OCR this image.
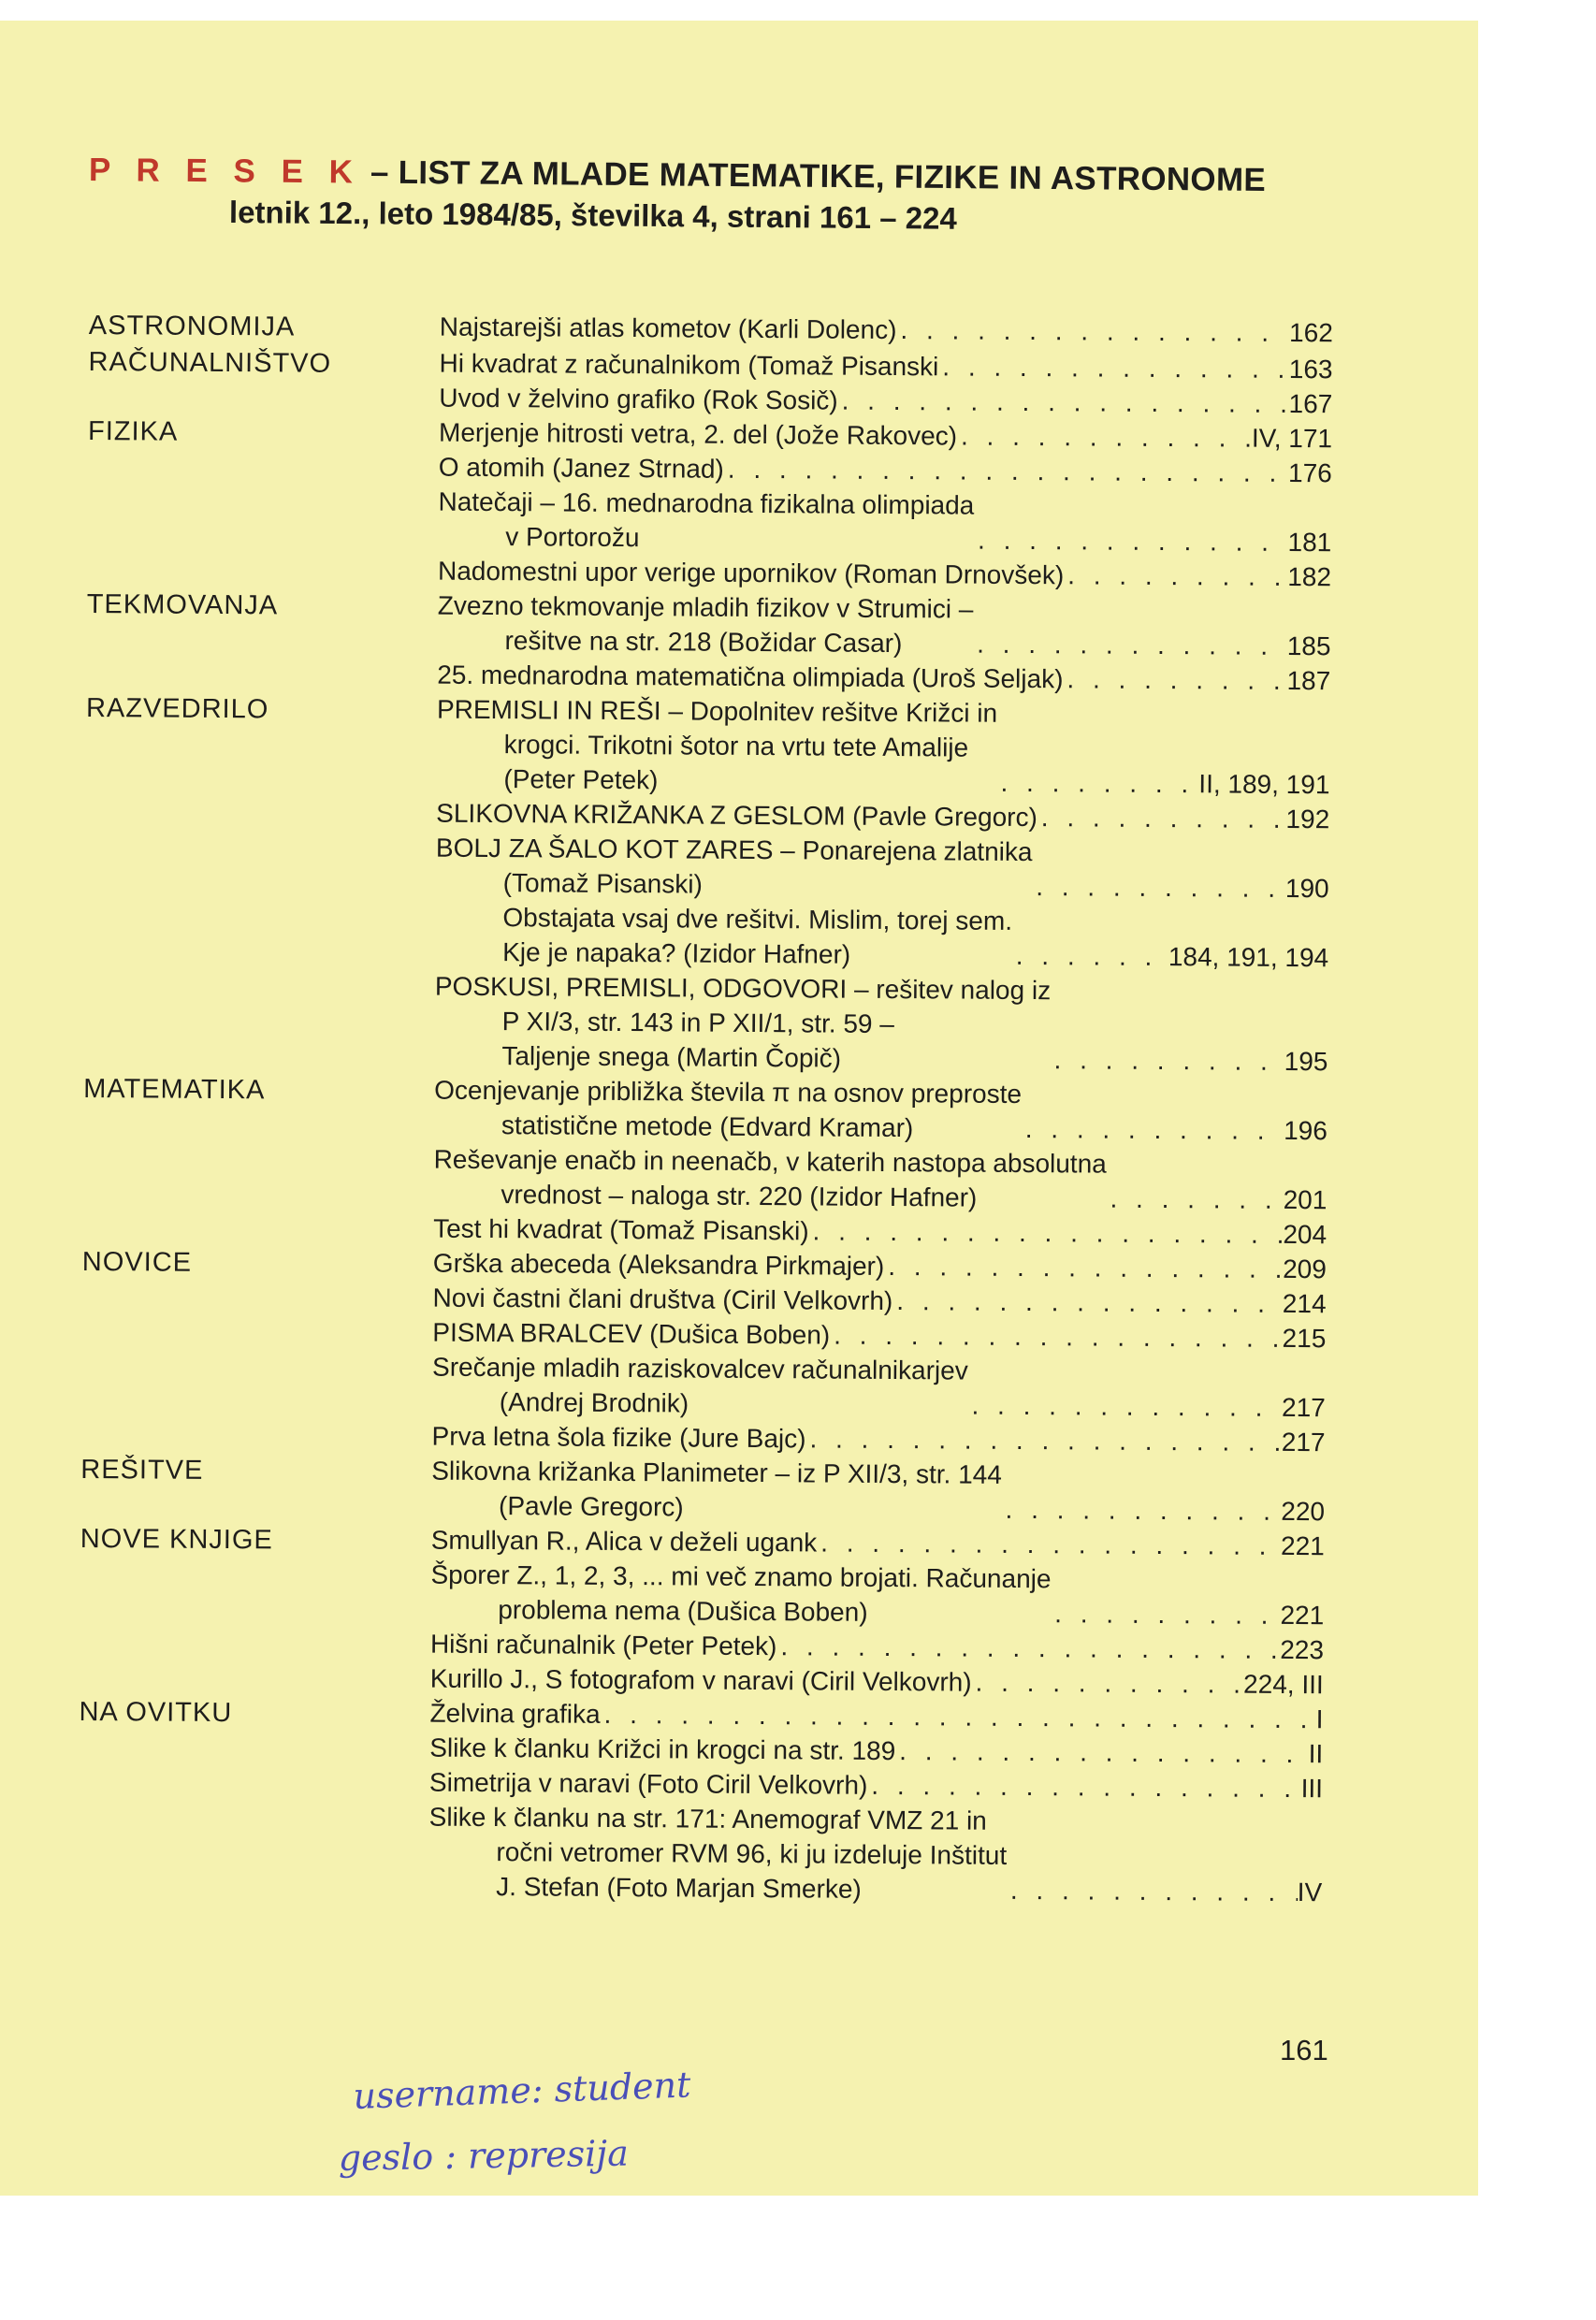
P R E S E K – LIST ZA MLADE MATEMATIKE, FIZIKE IN ASTRONOME
letnik 12., leto 1984/85, številka 4, strani 161 – 224
ASTRONOMIJA	Najstarejši atlas kometov (Karli Dolenc) . . .	162
RAČUNALNIŠTVO	Hi kvadrat z računalnikom (Tomaž Pisanski . . .	163
Uvod v želvino grafiko (Rok Sosič) . . .	167
FIZIKA	Merjenje hitrosti vetra, 2. del (Jože Rakovec) . . .	IV, 171
O atomih (Janez Strnad) . . .	176
Natečaji – 16. mednarodna fizikalna olimpiada
v Portorožu . . .	181
Nadomestni upor verige upornikov (Roman Drnovšek) . . .	182
TEKMOVANJA	Zvezno tekmovanje mladih fizikov v Strumici –
rešitve na str. 218 (Božidar Casar) . . .	185
25. mednarodna matematična olimpiada (Uroš Seljak) . . .	187
RAZVEDRILO	PREMISLI IN REŠI – Dopolnitev rešitve Križci in
krogci. Trikotni šotor na vrtu tete Amalije
(Peter Petek) . . .	II, 189, 191
SLIKOVNA KRIŽANKA Z GESLOM (Pavle Gregorc) . . .	192
BOLJ ZA ŠALO KOT ZARES – Ponarejena zlatnika
(Tomaž Pisanski) . . .	190
Obstajata vsaj dve rešitvi. Mislim, torej sem.
Kje je napaka? (Izidor Hafner) . . .	184, 191, 194
POSKUSI, PREMISLI, ODGOVORI – rešitev nalog iz
P XI/3, str. 143 in P XII/1, str. 59 –
Taljenje snega (Martin Čopič) . . .	195
MATEMATIKA	Ocenjevanje približka števila π na osnov preproste
statistične metode (Edvard Kramar) . . .	196
Reševanje enačb in neenačb, v katerih nastopa absolutna
vrednost – naloga str. 220 (Izidor Hafner) . . .	201
Test hi kvadrat (Tomaž Pisanski) . . .	204
NOVICE	Grška abeceda (Aleksandra Pirkmajer) . . .	209
Novi častni člani društva (Ciril Velkovrh) . . .	214
PISMA BRALCEV (Dušica Boben) . . .	215
Srečanje mladih raziskovalcev računalnikarjev
(Andrej Brodnik) . . .	217
Prva letna šola fizike (Jure Bajc) . . .	217
REŠITVE	Slikovna križanka Planimeter – iz P XII/3, str. 144
(Pavle Gregorc) . . .	220
NOVE KNJIGE	Smullyan R., Alica v deželi ugank . . .	221
Šporer Z., 1, 2, 3, ... mi več znamo brojati. Računanje
problema nema (Dušica Boben) . . .	221
Hišni računalnik (Peter Petek) . . .	223
Kurillo J., S fotografom v naravi (Ciril Velkovrh) . . .	224, III
NA OVITKU	Želvina grafika . . .	I
Slike k članku Križci in krogci na str. 189 . . .	II
Simetrija v naravi (Foto Ciril Velkovrh) . . .	III
Slike k članku na str. 171: Anemograf VMZ 21 in
ročni vetromer RVM 96, ki ju izdeluje Inštitut
J. Stefan (Foto Marjan Smerke) . . .	IV
161
username: student
geslo : represija
